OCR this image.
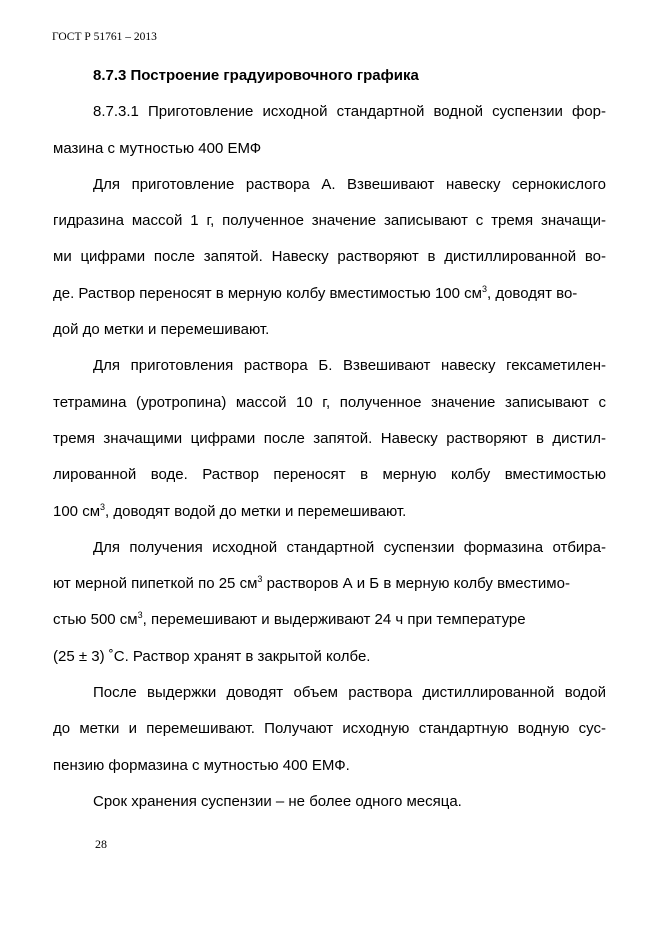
ГОСТ Р 51761 – 2013
8.7.3 Построение градуировочного графика
8.7.3.1 Приготовление исходной стандартной водной суспензии фор-
мазина с мутностью 400 ЕМФ
Для приготовление раствора А. Взвешивают навеску сернокислого
гидразина массой 1 г, полученное значение записывают с тремя значащи-
ми цифрами после запятой. Навеску растворяют в дистиллированной во-
де. Раствор переносят в мерную колбу вместимостью 100 $см^3$, доводят во-
дой до метки и перемешивают.
Для приготовления раствора Б. Взвешивают навеску гексаметилен-
тетрамина (уротропина) массой 10 г, полученное значение записывают с
тремя значащими цифрами после запятой. Навеску растворяют в дистил-
лированной воде. Раствор переносят в мерную колбу вместимостью
100 $см^3$, доводят водой до метки и перемешивают.
Для получения исходной стандартной суспензии формазина отбира-
ют мерной пипеткой по 25 $см^3$ растворов А и Б в мерную колбу вместимо-
стью 500 $см^3$, перемешивают и выдерживают 24 ч при температуре
(25 ± 3) ˚С. Раствор хранят в закрытой колбе.
После выдержки доводят объем раствора дистиллированной водой
до метки и перемешивают. Получают исходную стандартную водную сус-
пензию формазина с мутностью 400 ЕМФ.
Срок хранения суспензии – не более одного месяца.
28
